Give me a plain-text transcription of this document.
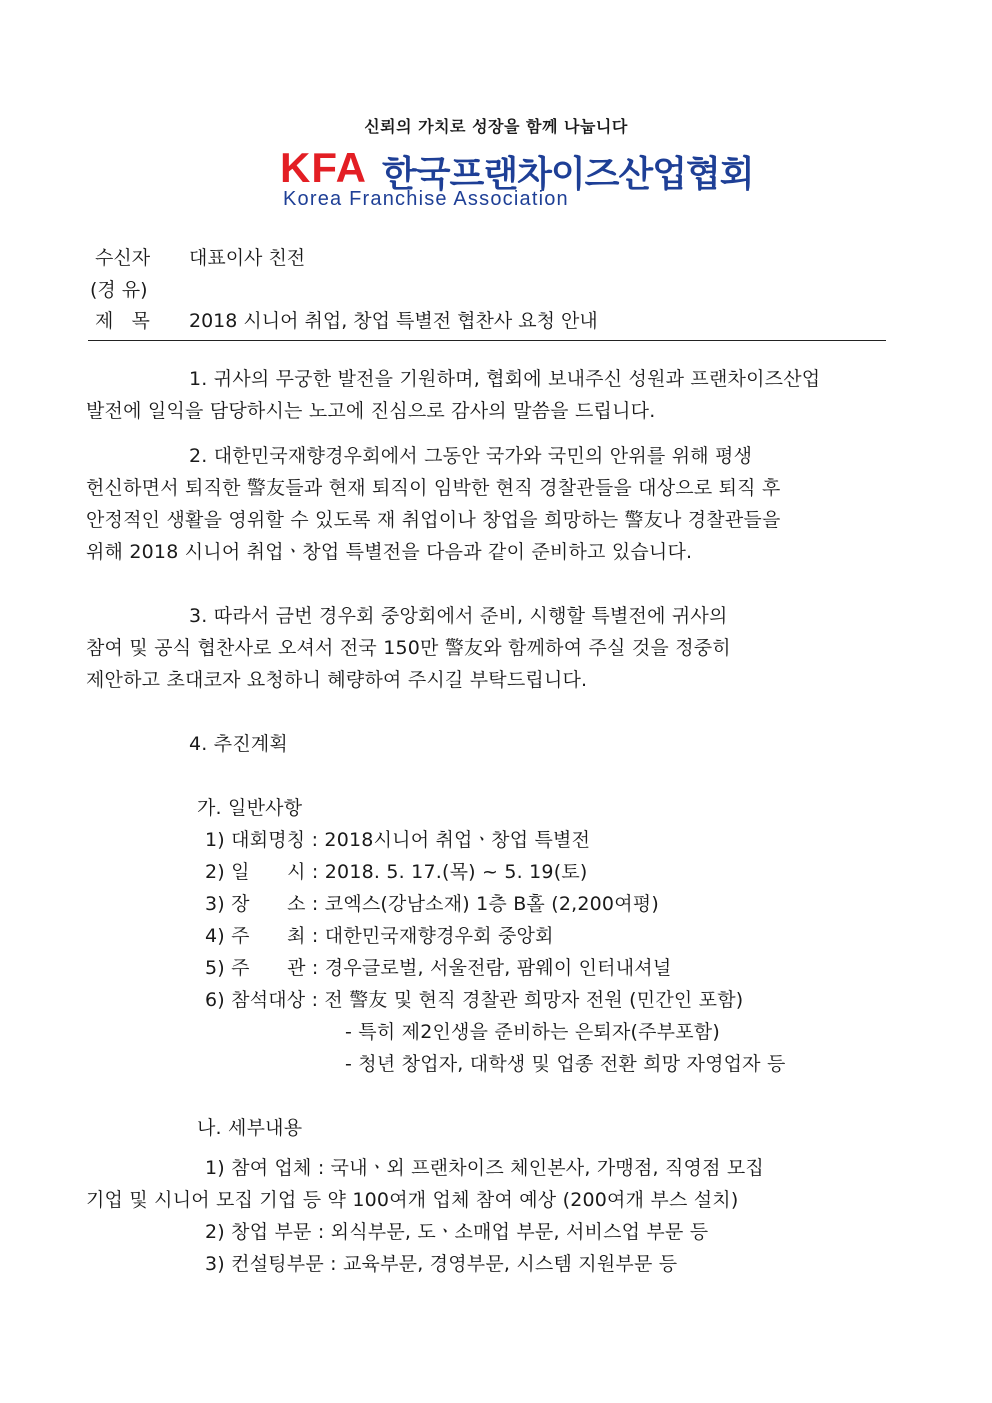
신뢰의 가치로 성장을 함께 나눕니다
KFA 한국프랜차이즈산업협회
Korea Franchise Association
수신자 대표이사 친전
(경 유)
제   목 2018 시니어 취업, 창업 특별전 협찬사 요청 안내
1. 귀사의 무궁한 발전을 기원하며, 협회에 보내주신 성원과 프랜차이즈산업
발전에 일익을 담당하시는 노고에 진심으로 감사의 말씀을 드립니다.
2. 대한민국재향경우회에서 그동안 국가와 국민의 안위를 위해 평생
헌신하면서 퇴직한 警友들과 현재 퇴직이 임박한 현직 경찰관들을 대상으로 퇴직 후
안정적인 생활을 영위할 수 있도록 재 취업이나 창업을 희망하는 警友나 경찰관들을
위해 2018 시니어 취업ㆍ창업 특별전을 다음과 같이 준비하고 있습니다.
3. 따라서 금번 경우회 중앙회에서 준비, 시행할 특별전에 귀사의
참여 및 공식 협찬사로 오셔서 전국 150만 警友와 함께하여 주실 것을 정중히
제안하고 초대코자 요청하니 혜량하여 주시길 부탁드립니다.
4. 추진계획
가. 일반사항
1) 대회명칭 : 2018시니어 취업ㆍ창업 특별전
2) 일      시 : 2018. 5. 17.(목) ~ 5. 19(토)
3) 장      소 : 코엑스(강남소재) 1층 B홀 (2,200여평)
4) 주      최 : 대한민국재향경우회 중앙회
5) 주      관 : 경우글로벌, 서울전람, 팜웨이 인터내셔널
6) 참석대상 : 전 警友 및 현직 경찰관 희망자 전원 (민간인 포함)
- 특히 제2인생을 준비하는 은퇴자(주부포함)
- 청년 창업자, 대학생 및 업종 전환 희망 자영업자 등
나. 세부내용
1) 참여 업체 : 국내ㆍ외 프랜차이즈 체인본사, 가맹점, 직영점 모집
기업 및 시니어 모집 기업 등 약 100여개 업체 참여 예상 (200여개 부스 설치)
2) 창업 부문 : 외식부문, 도ㆍ소매업 부문, 서비스업 부문 등
3) 컨설팅부문 : 교육부문, 경영부문, 시스템 지원부문 등
